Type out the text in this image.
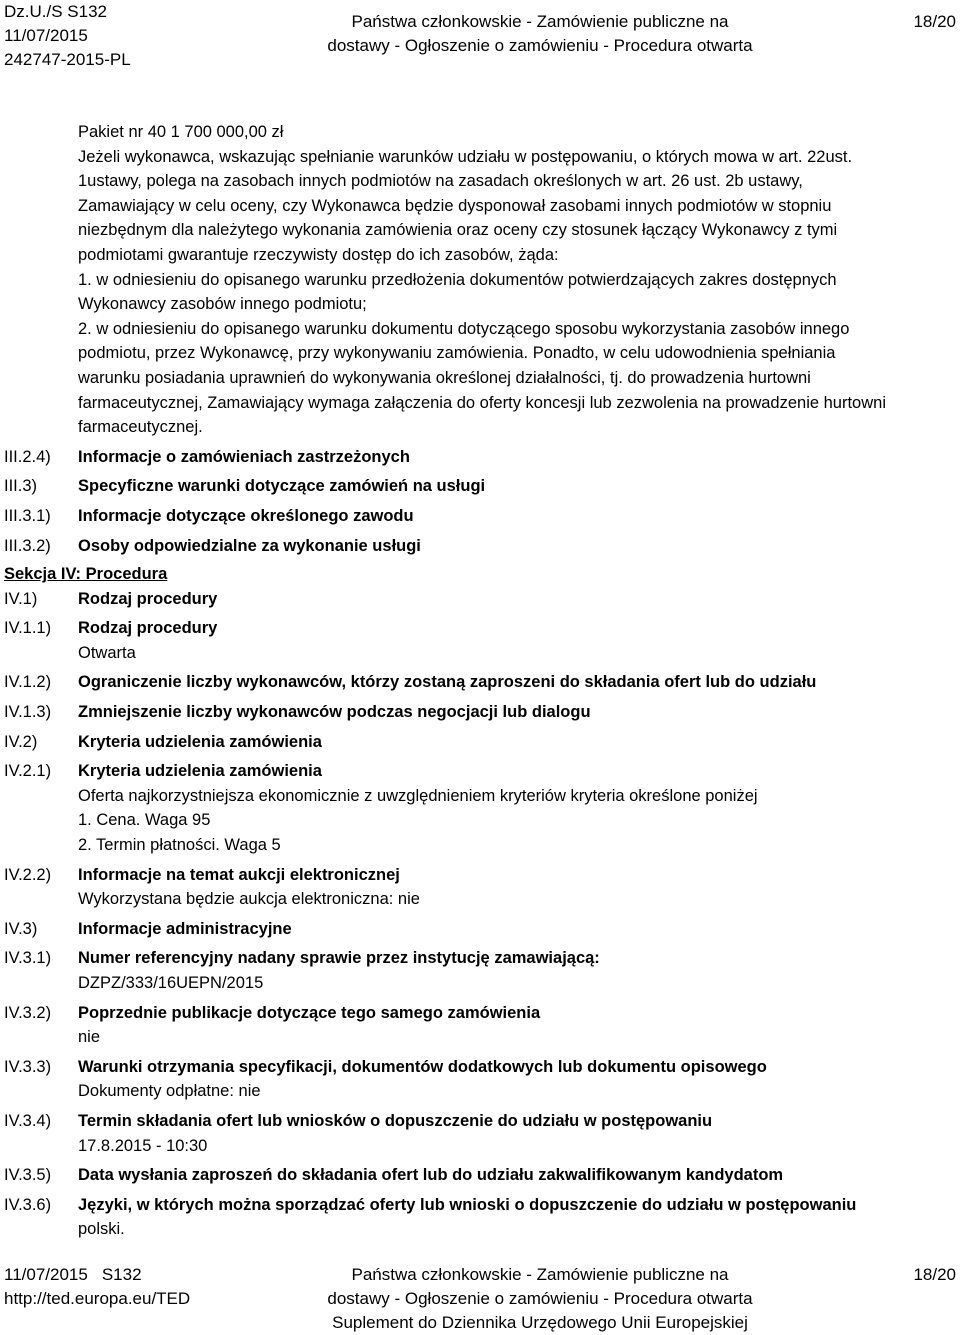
Dz.U./S S132
11/07/2015
242747-2015-PL
Państwa członkowskie - Zamówienie publiczne na
dostawy - Ogłoszenie o zamówieniu - Procedura otwarta
18/20
Pakiet nr 40 1 700 000,00 zł
Jeżeli wykonawca, wskazując spełnianie warunków udziału w postępowaniu, o których mowa w art. 22ust.
1ustawy, polega na zasobach innych podmiotów na zasadach określonych w art. 26 ust. 2b ustawy,
Zamawiający w celu oceny, czy Wykonawca będzie dysponował zasobami innych podmiotów w stopniu
niezbędnym dla należytego wykonania zamówienia oraz oceny czy stosunek łączący Wykonawcy z tymi
podmiotami gwarantuje rzeczywisty dostęp do ich zasobów, żąda:
1. w odniesieniu do opisanego warunku przedłożenia dokumentów potwierdzających zakres dostępnych
Wykonawcy zasobów innego podmiotu;
2. w odniesieniu do opisanego warunku dokumentu dotyczącego sposobu wykorzystania zasobów innego
podmiotu, przez Wykonawcę, przy wykonywaniu zamówienia. Ponadto, w celu udowodnienia spełniania
warunku posiadania uprawnień do wykonywania określonej działalności, tj. do prowadzenia hurtowni
farmaceutycznej, Zamawiający wymaga załączenia do oferty koncesji lub zezwolenia na prowadzenie hurtowni
farmaceutycznej.
III.2.4)	Informacje o zamówieniach zastrzeżonych
III.3)	Specyficzne warunki dotyczące zamówień na usługi
III.3.1)	Informacje dotyczące określonego zawodu
III.3.2)	Osoby odpowiedzialne za wykonanie usługi
Sekcja IV: Procedura
IV.1)	Rodzaj procedury
IV.1.1)	Rodzaj procedury
Otwarta
IV.1.2)	Ograniczenie liczby wykonawców, którzy zostaną zaproszeni do składania ofert lub do udziału
IV.1.3)	Zmniejszenie liczby wykonawców podczas negocjacji lub dialogu
IV.2)	Kryteria udzielenia zamówienia
IV.2.1)	Kryteria udzielenia zamówienia
Oferta najkorzystniejsza ekonomicznie z uwzględnieniem kryteriów kryteria określone poniżej
1. Cena. Waga 95
2. Termin płatności. Waga 5
IV.2.2)	Informacje na temat aukcji elektronicznej
Wykorzystana będzie aukcja elektroniczna: nie
IV.3)	Informacje administracyjne
IV.3.1)	Numer referencyjny nadany sprawie przez instytucję zamawiającą:
DZPZ/333/16UEPN/2015
IV.3.2)	Poprzednie publikacje dotyczące tego samego zamówienia
nie
IV.3.3)	Warunki otrzymania specyfikacji, dokumentów dodatkowych lub dokumentu opisowego
Dokumenty odpłatne: nie
IV.3.4)	Termin składania ofert lub wniosków o dopuszczenie do udziału w postępowaniu
17.8.2015 - 10:30
IV.3.5)	Data wysłania zaproszeń do składania ofert lub do udziału zakwalifikowanym kandydatom
IV.3.6)	Języki, w których można sporządzać oferty lub wnioski o dopuszczenie do udziału w postępowaniu
polski.
11/07/2015 S132
http://ted.europa.eu/TED
Państwa członkowskie - Zamówienie publiczne na
dostawy - Ogłoszenie o zamówieniu - Procedura otwarta
Suplement do Dziennika Urzędowego Unii Europejskiej
18/20
